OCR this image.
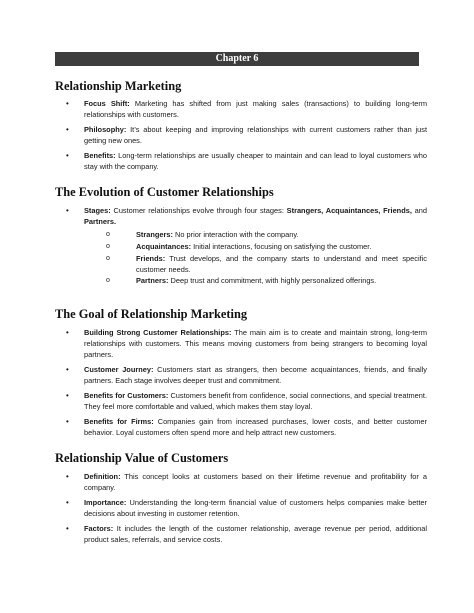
Chapter 6
Relationship Marketing
• Focus Shift: Marketing has shifted from just making sales (transactions) to building long-term relationships with customers.
• Philosophy: It’s about keeping and improving relationships with current customers rather than just getting new ones.
• Benefits: Long-term relationships are usually cheaper to maintain and can lead to loyal customers who stay with the company.
The Evolution of Customer Relationships
• Stages: Customer relationships evolve through four stages: Strangers, Acquaintances, Friends, and Partners.
o Strangers: No prior interaction with the company.
o Acquaintances: Initial interactions, focusing on satisfying the customer.
o Friends: Trust develops, and the company starts to understand and meet specific customer needs.
o Partners: Deep trust and commitment, with highly personalized offerings.
The Goal of Relationship Marketing
• Building Strong Customer Relationships: The main aim is to create and maintain strong, long-term relationships with customers. This means moving customers from being strangers to becoming loyal partners.
• Customer Journey: Customers start as strangers, then become acquaintances, friends, and finally partners. Each stage involves deeper trust and commitment.
• Benefits for Customers: Customers benefit from confidence, social connections, and special treatment. They feel more comfortable and valued, which makes them stay loyal.
• Benefits for Firms: Companies gain from increased purchases, lower costs, and better customer behavior. Loyal customers often spend more and help attract new customers.
Relationship Value of Customers
• Definition: This concept looks at customers based on their lifetime revenue and profitability for a company.
• Importance: Understanding the long-term financial value of customers helps companies make better decisions about investing in customer retention.
• Factors: It includes the length of the customer relationship, average revenue per period, additional product sales, referrals, and service costs.
